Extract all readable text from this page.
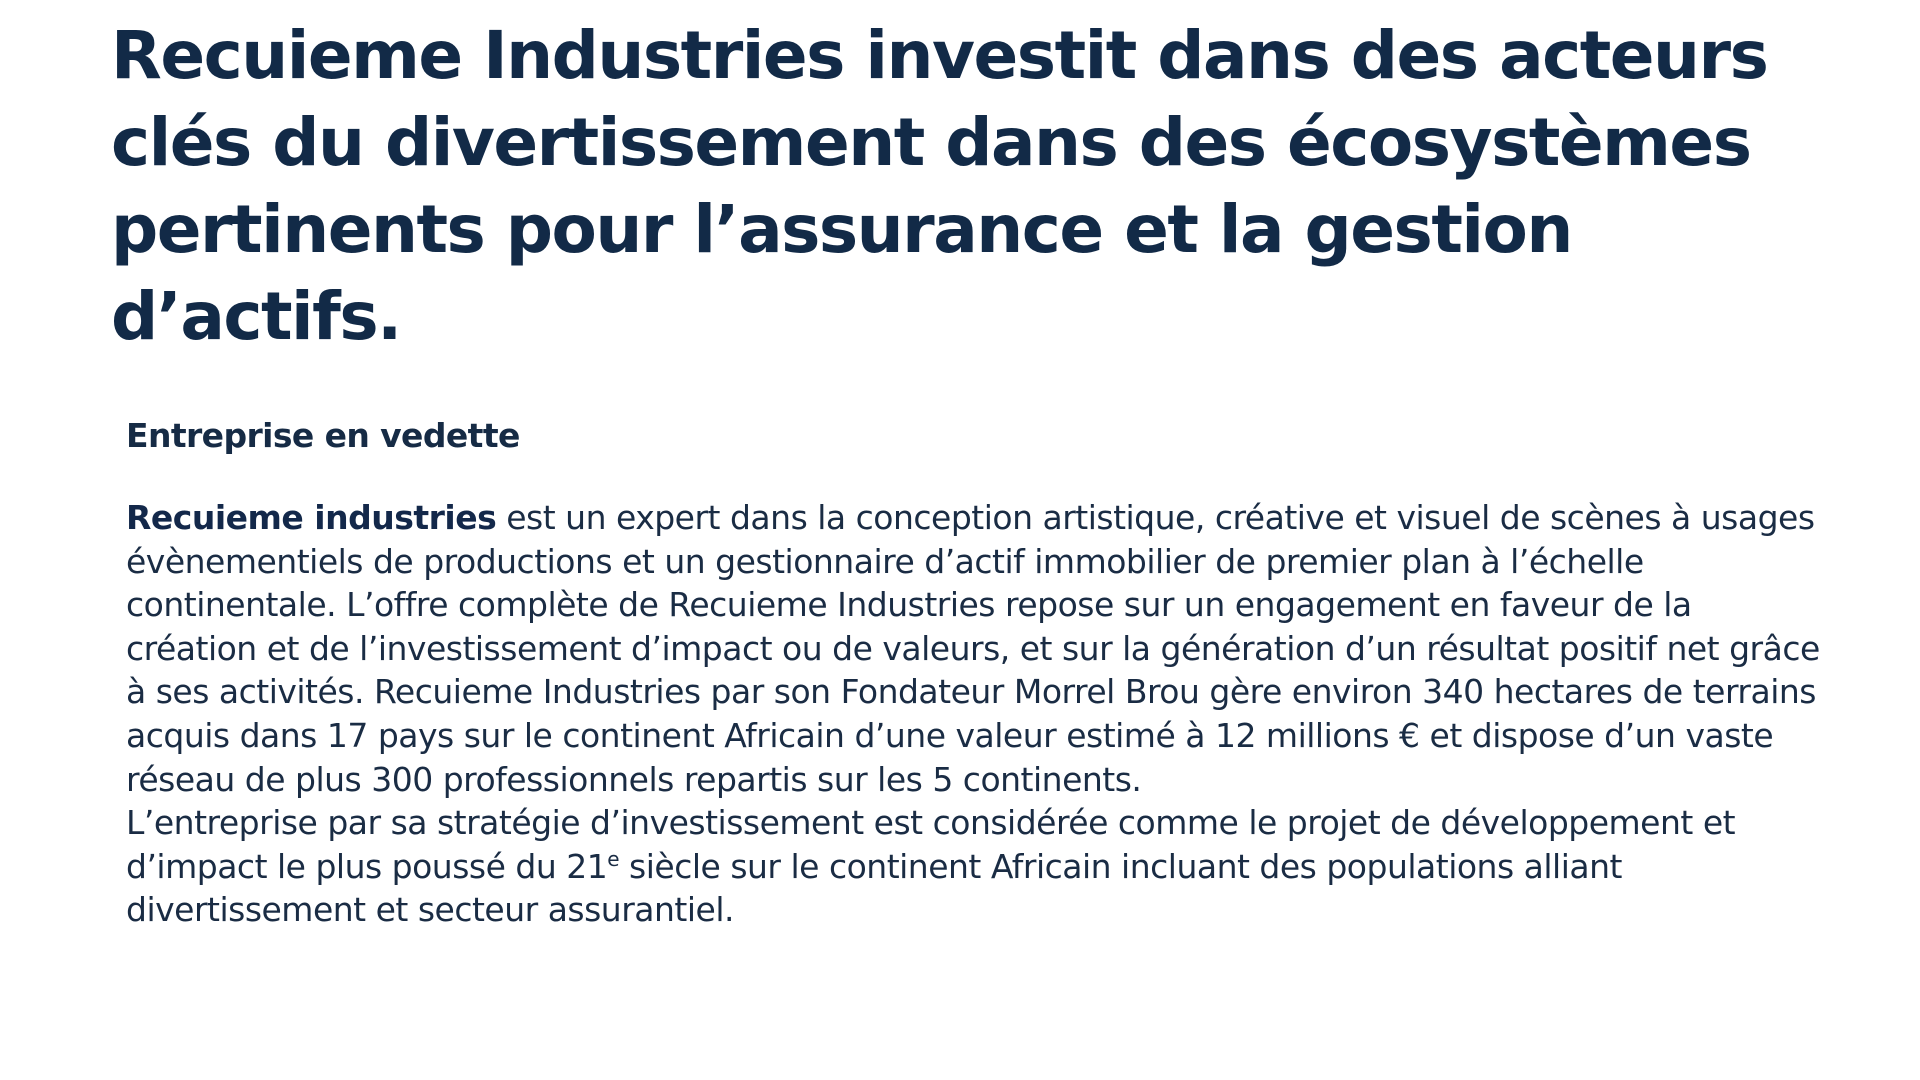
Recuieme Industries investit dans des acteurs clés du divertissement dans des écosystèmes pertinents pour l’assurance et la gestion d’actifs.
Entreprise en vedette

Recuieme industries est un expert dans la conception artistique, créative et visuel de scènes à usages évènementiels de productions et un gestionnaire d’actif immobilier de premier plan à l’échelle continentale. L’offre complète de Recuieme Industries repose sur un engagement en faveur de la création et de l’investissement d’impact ou de valeurs, et sur la génération d’un résultat positif net grâce à ses activités. Recuieme Industries par son Fondateur Morrel Brou gère environ 340 hectares de terrains acquis dans 17 pays sur le continent Africain d’une valeur estimé à 12 millions € et dispose d’un vaste réseau de plus 300 professionnels repartis sur les 5 continents.

L’entreprise par sa stratégie d’investissement est considérée comme le projet de développement et d’impact le plus poussé du 21e siècle sur le continent Africain incluant des populations alliant divertissement et secteur assurantiel.
